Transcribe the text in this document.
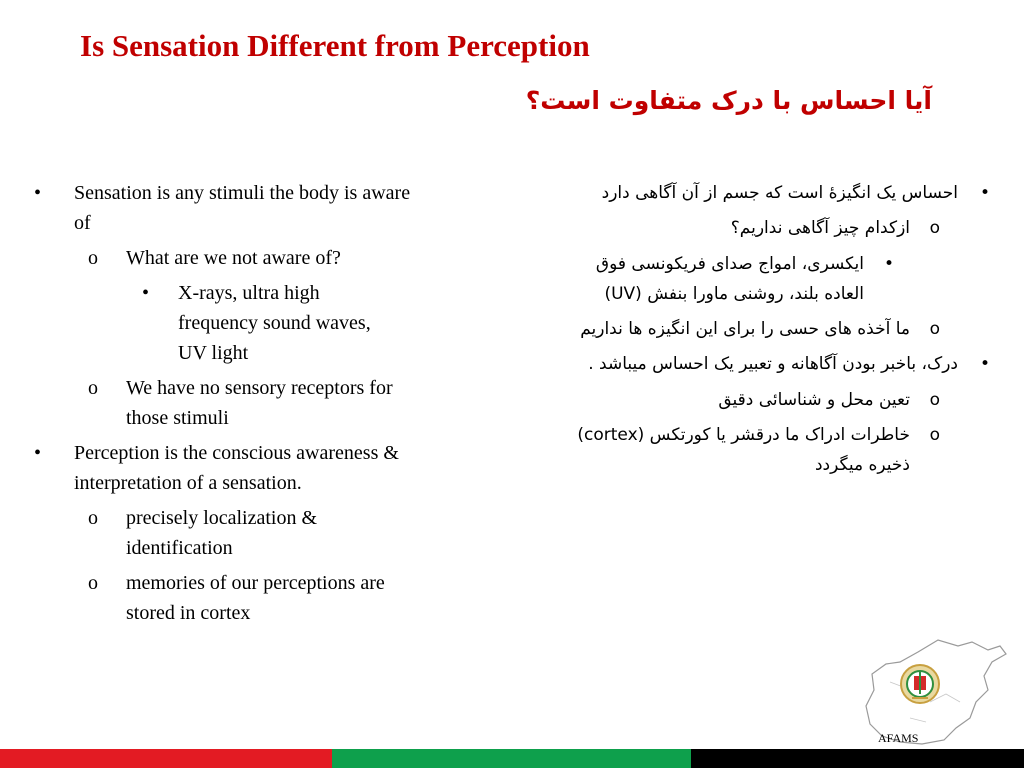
Is Sensation Different from Perception
آیا احساس با درک متفاوت است؟
• Sensation is any stimuli the body is aware of
o What are we not aware of?
• X-rays, ultra high frequency sound waves, UV light
o We have no sensory receptors for those stimuli
• Perception is the conscious awareness & interpretation of a sensation.
o precisely localization & identification
o memories of our perceptions are stored in cortex
•
احساس یک انگیزهٔ است که جسم از آن آگاهی دارد
o
ازکدام چیز آگاهی نداریم؟
•
ایکسری، امواج صدای فریکونسی فوق العاده بلند، روشنی ماورا بنفش (UV)
o
ما آخذه های حسی را برای این انگیزه ها نداریم
•
درک، باخبر بودن آگاهانه و تعبیر یک احساس میباشد .
o
تعین محل و شناسائی دقیق
o
خاطرات ادراک ما درقشر یا کورتکس (cortex) ذخیره میگردد
AFAMS
